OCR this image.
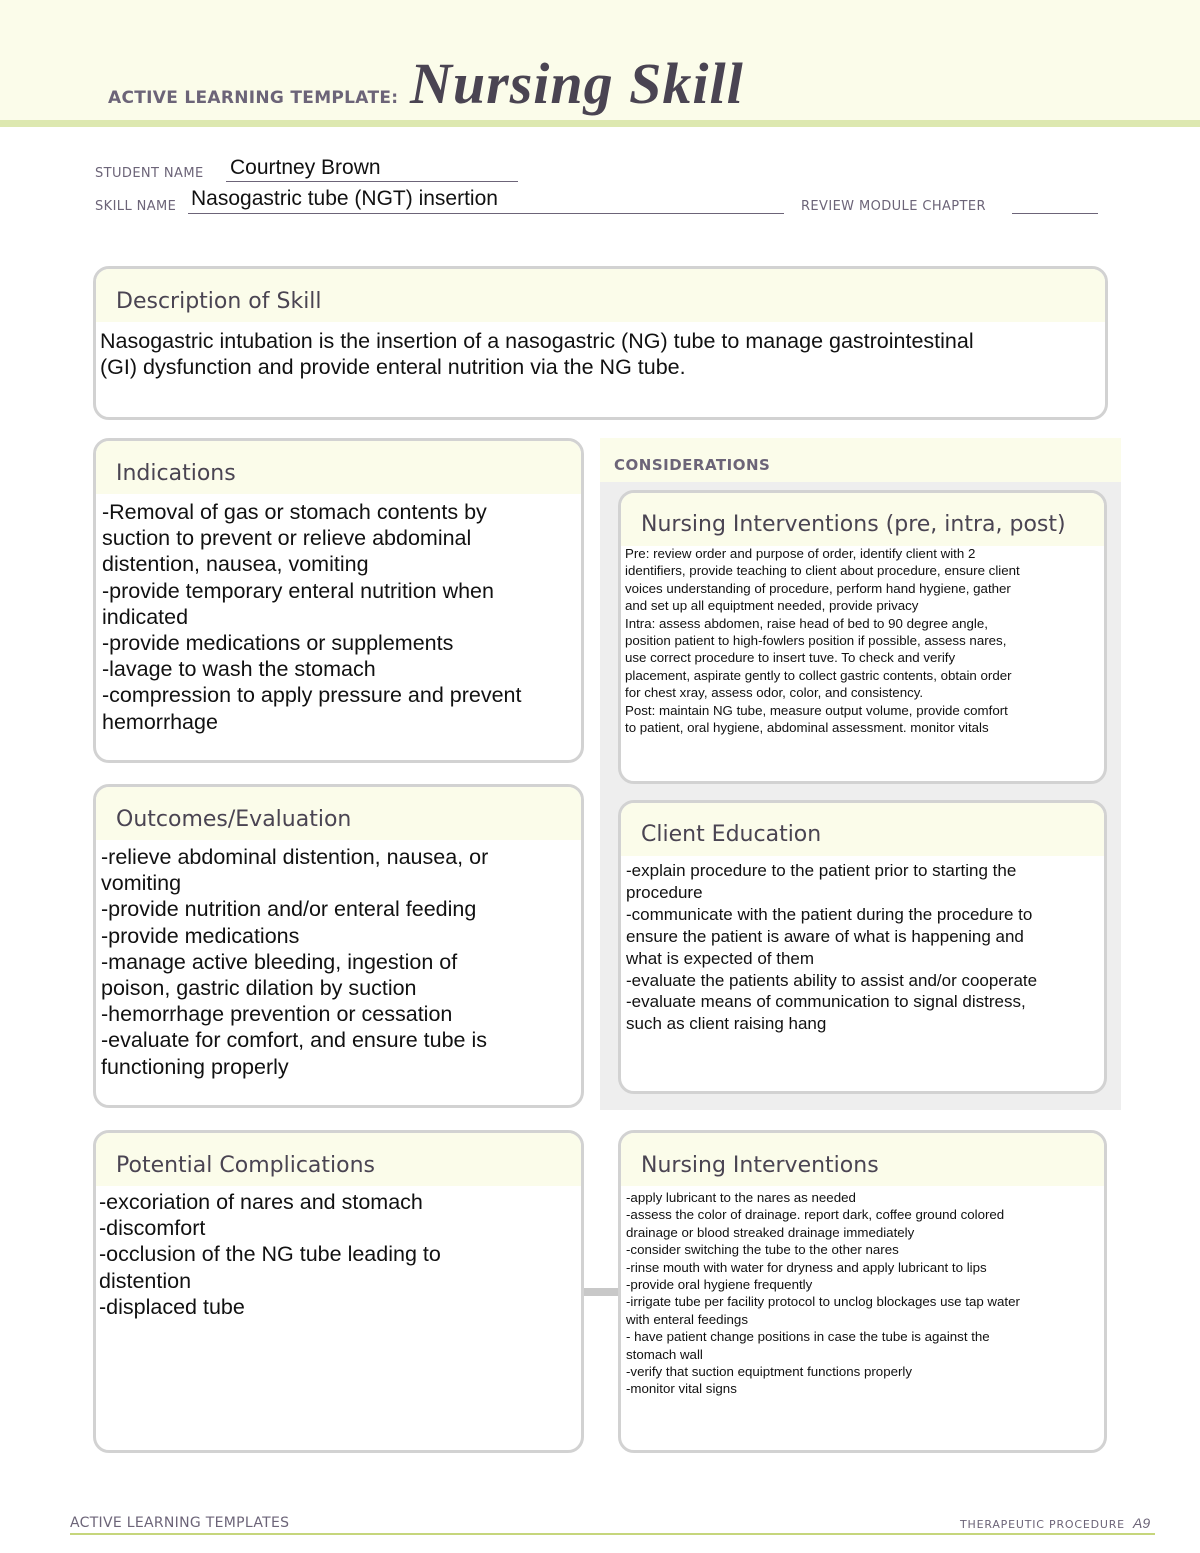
ACTIVE LEARNING TEMPLATE: Nursing Skill
STUDENT NAME Courtney Brown
SKILL NAME Nasogastric tube (NGT) insertion	REVIEW MODULE CHAPTER
Description of Skill
Nasogastric intubation is the insertion of a nasogastric (NG) tube to manage gastrointestinal
(GI) dysfunction and provide enteral nutrition via the NG tube.
Indications
-Removal of gas or stomach contents by
suction to prevent or relieve abdominal
distention, nausea, vomiting
-provide temporary enteral nutrition when
indicated
-provide medications or supplements
-lavage to wash the stomach
-compression to apply pressure and prevent
hemorrhage
CONSIDERATIONS
Nursing Interventions (pre, intra, post)
Pre: review order and purpose of order, identify client with 2
identifiers, provide teaching to client about procedure, ensure client
voices understanding of procedure, perform hand hygiene, gather
and set up all equiptment needed, provide privacy
Intra: assess abdomen, raise head of bed to 90 degree angle,
position patient to high-fowlers position if possible, assess nares,
use correct procedure to insert tuve. To check and verify
placement, aspirate gently to collect gastric contents, obtain order
for chest xray, assess odor, color, and consistency.
Post: maintain NG tube, measure output volume, provide comfort
to patient, oral hygiene, abdominal assessment. monitor vitals
Outcomes/Evaluation
-relieve abdominal distention, nausea, or
vomiting
-provide nutrition and/or enteral feeding
-provide medications
-manage active bleeding, ingestion of
poison, gastric dilation by suction
-hemorrhage prevention or cessation
-evaluate for comfort, and ensure tube is
functioning properly
Client Education
-explain procedure to the patient prior to starting the
procedure
-communicate with the patient during the procedure to
ensure the patient is aware of what is happening and
what is expected of them
-evaluate the patients ability to assist and/or cooperate
-evaluate means of communication to signal distress,
such as client raising hang
Potential Complications
-excoriation of nares and stomach
-discomfort
-occlusion of the NG tube leading to
distention
-displaced tube
Nursing Interventions
-apply lubricant to the nares as needed
-assess the color of drainage. report dark, coffee ground colored
drainage or blood streaked drainage immediately
-consider switching the tube to the other nares
-rinse mouth with water for dryness and apply lubricant to lips
-provide oral hygiene frequently
-irrigate tube per facility protocol to unclog blockages use tap water
with enteral feedings
- have patient change positions in case the tube is against the
stomach wall
-verify that suction equiptment functions properly
-monitor vital signs
ACTIVE LEARNING TEMPLATES	THERAPEUTIC PROCEDURE A9
